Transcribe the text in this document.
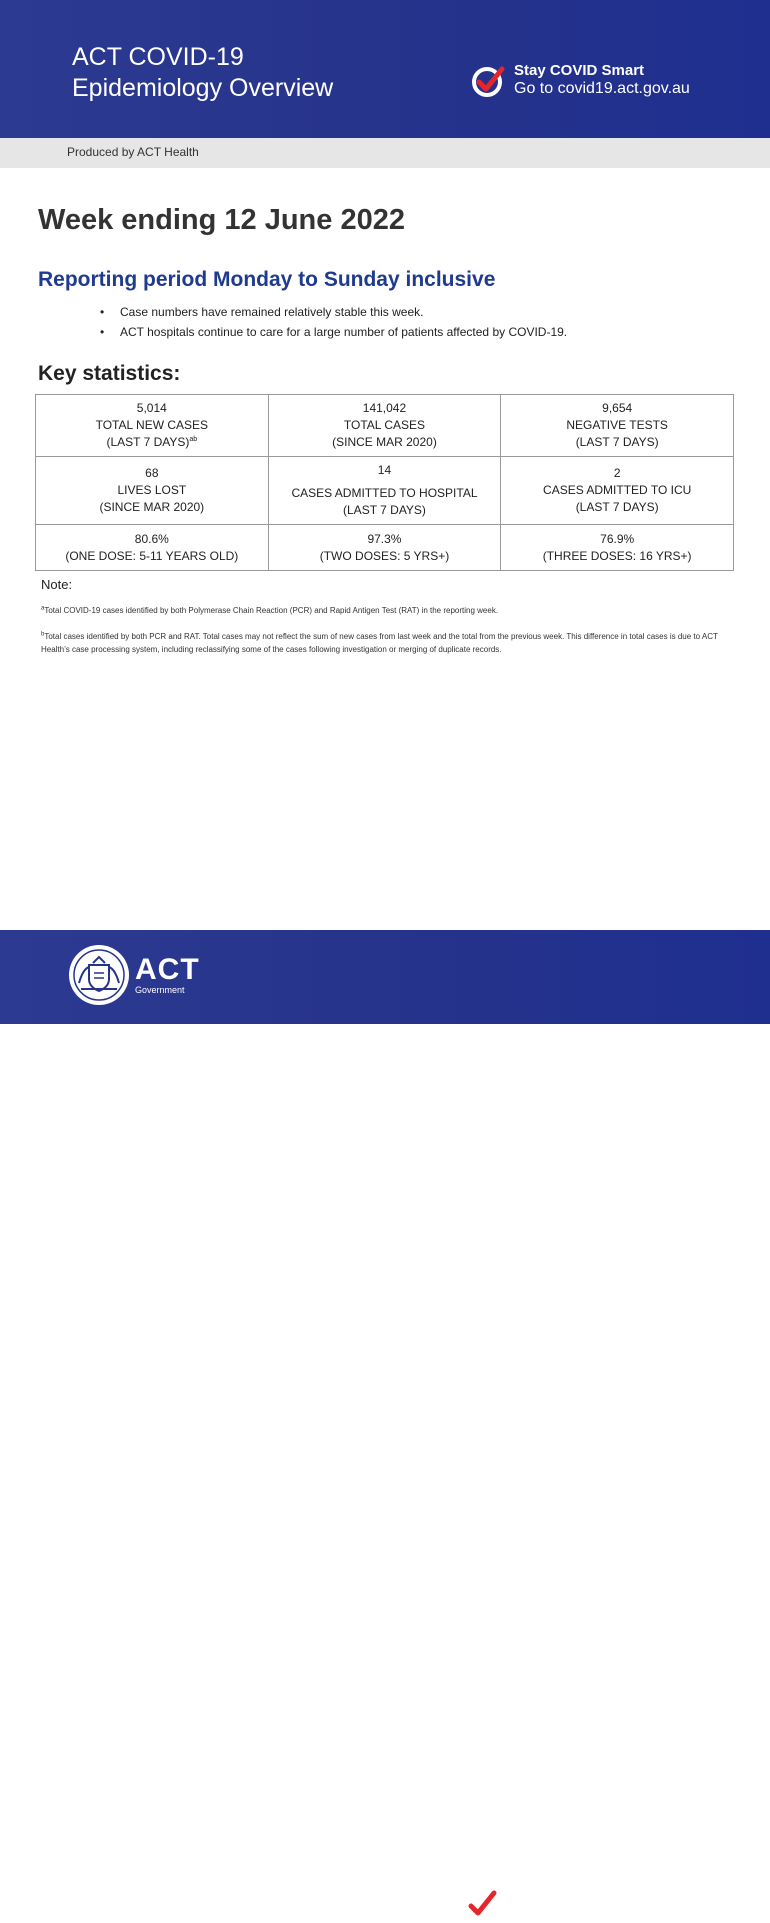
ACT COVID-19
Epidemiology Overview
Stay COVID Smart
Go to covid19.act.gov.au
Produced by ACT Health
Week ending 12 June 2022
Reporting period Monday to Sunday inclusive
• Case numbers have remained relatively stable this week.
• ACT hospitals continue to care for a large number of patients affected by COVID-19.
Key statistics:
5,014
TOTAL NEW CASES
(LAST 7 DAYS)$^{ab}$	141,042
TOTAL CASES
(SINCE MAR 2020)	9,654
NEGATIVE TESTS
(LAST 7 DAYS)

68
LIVES LOST
(SINCE MAR 2020)	14
CASES ADMITTED TO HOSPITAL
(LAST 7 DAYS)	2
CASES ADMITTED TO ICU
(LAST 7 DAYS)

80.6%
(ONE DOSE: 5-11 YEARS OLD)	97.3%
(TWO DOSES: 5 YRS+)	76.9%
(THREE DOSES: 16 YRS+)
Note:

$^a$Total COVID-19 cases identified by both Polymerase Chain Reaction (PCR) and Rapid Antigen Test (RAT) in the reporting week.

$^b$Total cases identified by both PCR and RAT. Total cases may not reflect the sum of new cases from last week and the total from the previous week. This difference in total cases is due to ACT Health’s case processing system, including reclassifying some of the cases following investigation or merging of duplicate records.

ACT
Government
Stay COVID Smart
Go to covid19.act.gov.au
